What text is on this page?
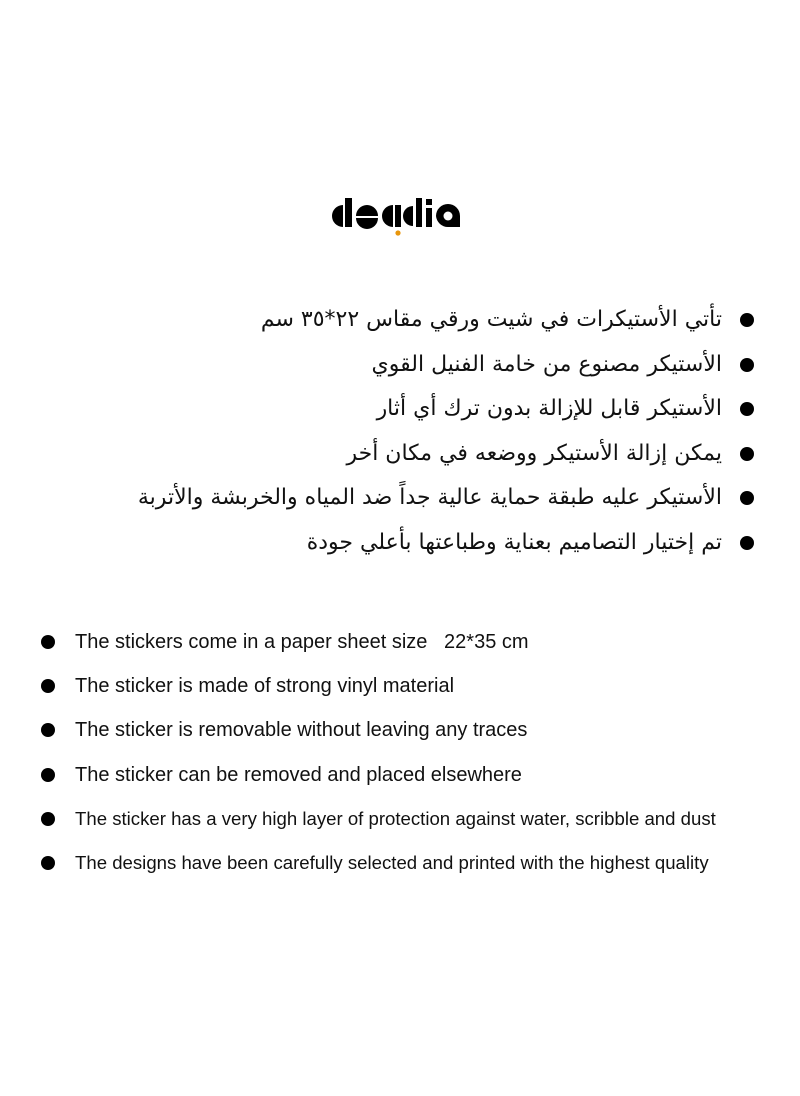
تأتي الأستيكرات في شيت ورقي مقاس ٢٢*٣٥ سم
الأستيكر مصنوع من خامة الفنيل القوي
الأستيكر قابل للإزالة بدون ترك أي أثار
يمكن إزالة الأستيكر ووضعه في مكان أخر
الأستيكر عليه طبقة حماية عالية جداً ضد المياه والخربشة والأتربة
تم إختيار التصاميم بعناية وطباعتها بأعلي جودة
The stickers come in a paper sheet size   22*35 cm
The sticker is made of strong vinyl material
The sticker is removable without leaving any traces
The sticker can be removed and placed elsewhere
The sticker has a very high layer of protection against water, scribble and dust
The designs have been carefully selected and printed with the highest quality
